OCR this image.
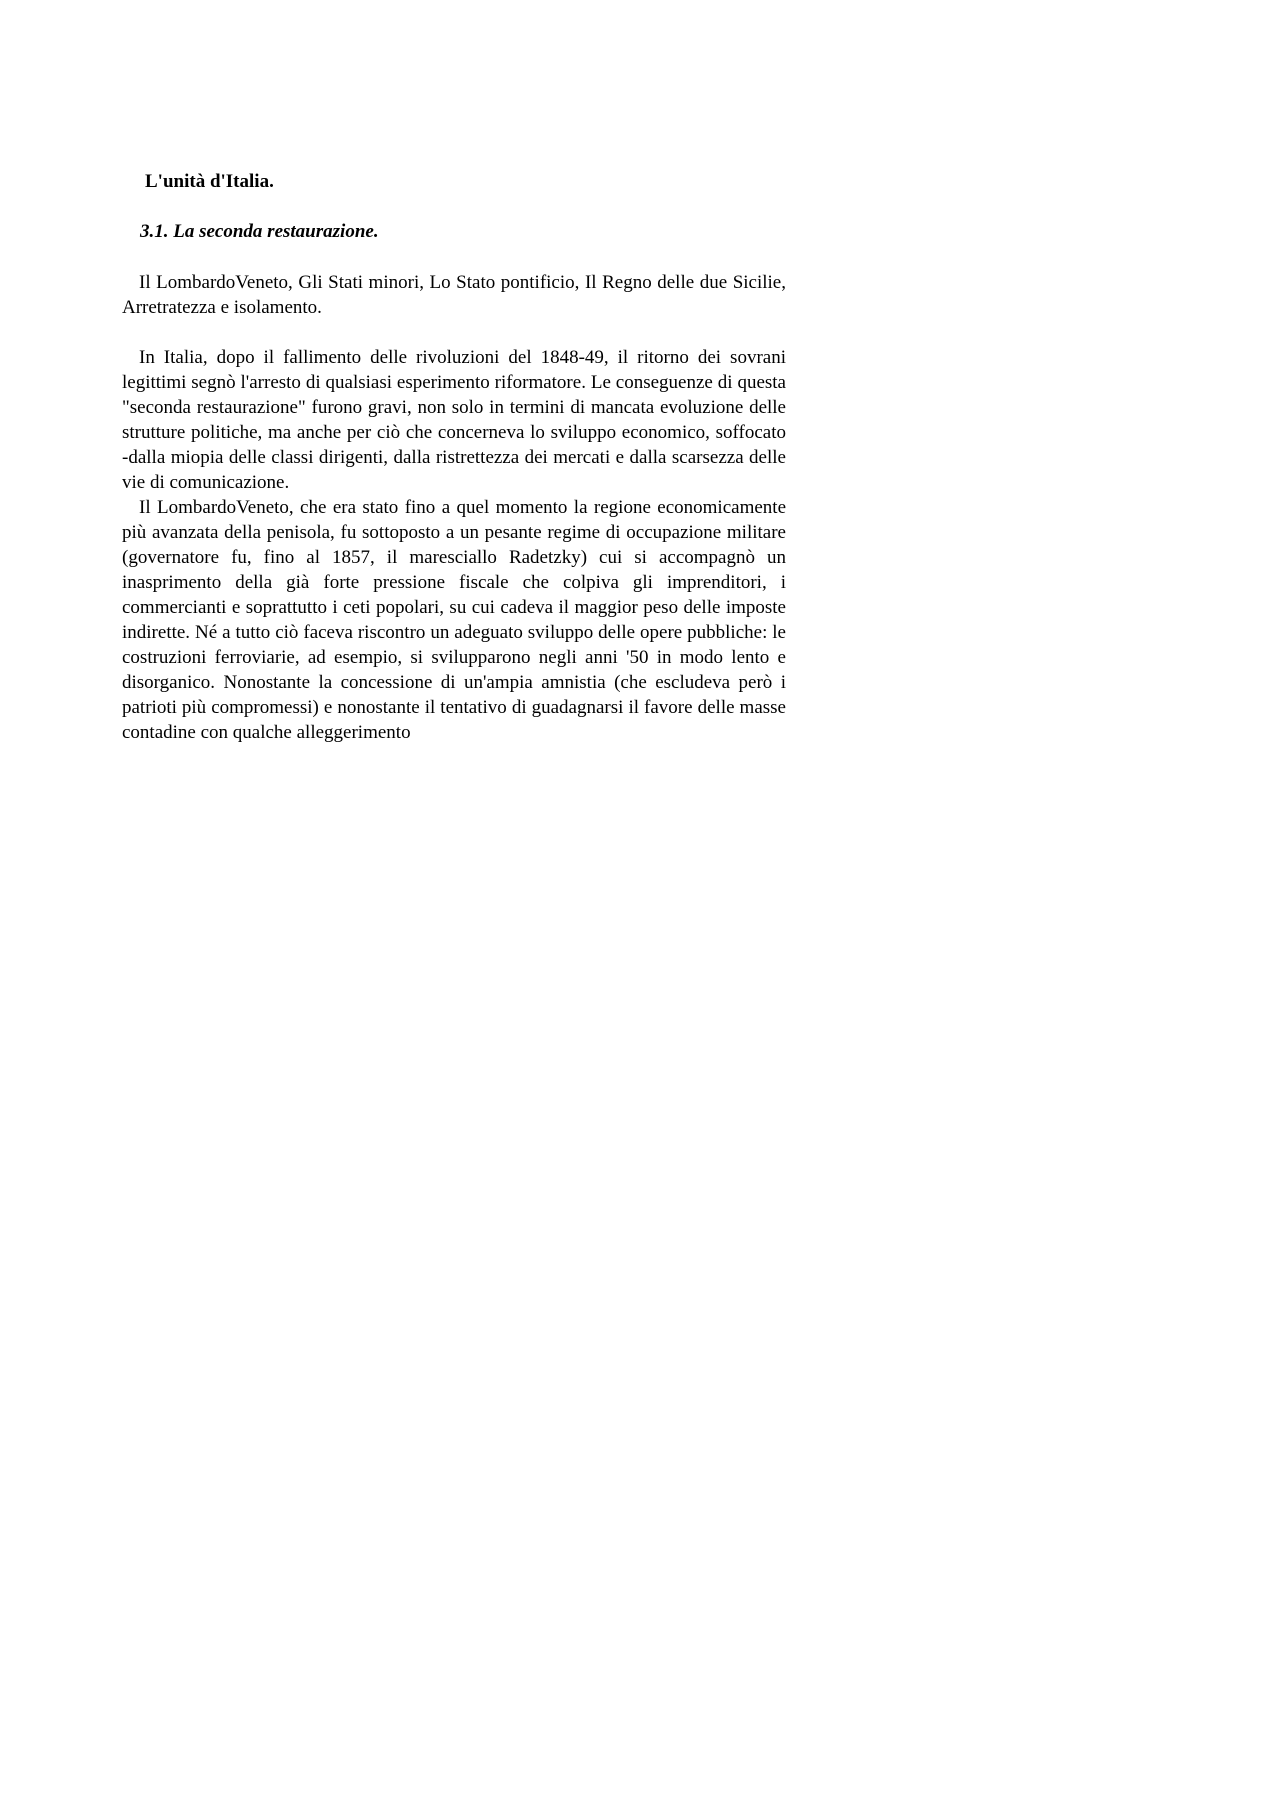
L'unità d'Italia.
3.1. La seconda restaurazione.

Il LombardoVeneto, Gli Stati minori, Lo Stato pontificio, Il Regno delle due Sicilie, Arretratezza e isolamento.

In Italia, dopo il fallimento delle rivoluzioni del 1848-49, il ritorno dei sovrani legittimi segnò l'arresto di qualsiasi esperimento riformatore. Le conseguenze di questa "seconda restaurazione" furono gravi, non solo in termini di mancata evoluzione delle strutture politiche, ma anche per ciò che concerneva lo sviluppo economico, soffocato -dalla miopia delle classi dirigenti, dalla ristrettezza dei mercati e dalla scarsezza delle vie di comunicazione.

Il LombardoVeneto, che era stato fino a quel momento la regione economicamente più avanzata della penisola, fu sottoposto a un pesante regime di occupazione militare (governatore fu, fino al 1857, il maresciallo Radetzky) cui si accompagnò un inasprimento della già forte pressione fiscale che colpiva gli imprenditori, i commercianti e soprattutto i ceti popolari, su cui cadeva il maggior peso delle imposte indirette. Né a tutto ciò faceva riscontro un adeguato sviluppo delle opere pubbliche: le costruzioni ferroviarie, ad esempio, si svilupparono negli anni '50 in modo lento e disorganico. Nonostante la concessione di un'ampia amnistia (che escludeva però i patrioti più compromessi) e nonostante il tentativo di guadagnarsi il favore delle masse contadine con qualche alleggerimento
